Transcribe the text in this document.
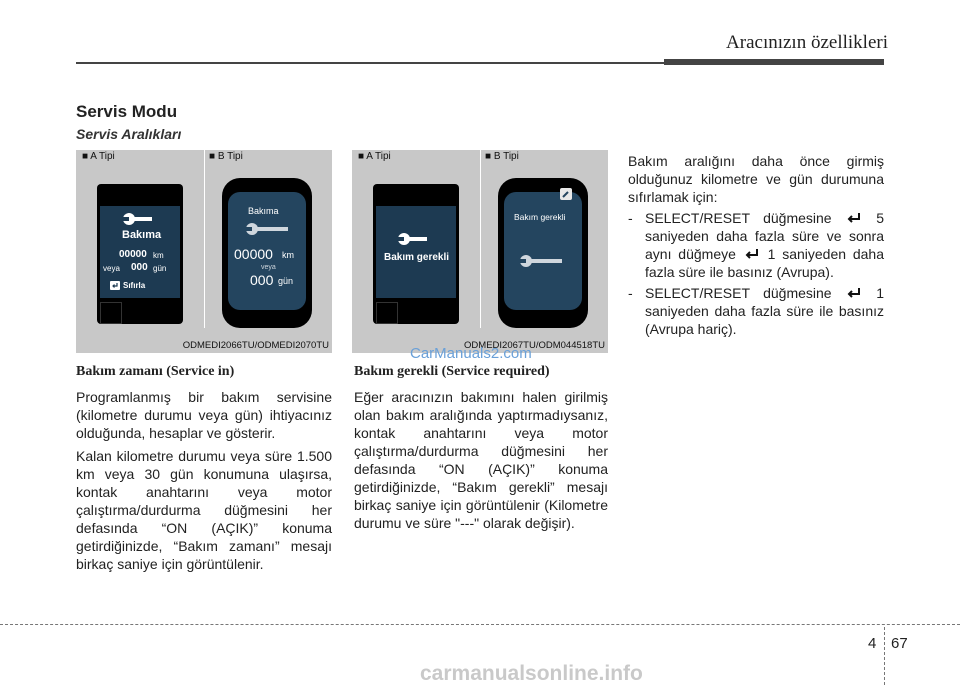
Aracınızın özellikleri
Servis Modu
Servis Aralıkları
■ A Tipi	■ B Tipi
Bakıma
00000 km
veya 000 gün
Sıfırla
Bakıma
00000 km
veya
000 gün
ODMEDI2066TU/ODMEDI2070TU
■ A Tipi	■ B Tipi
Bakım gerekli
Bakım gerekli
ODMEDI2067TU/ODM044518TU
CarManuals2.com
Bakım zamanı (Service in)

Programlanmış bir bakım servisine (kilometre durumu veya gün) ihtiyacınız olduğunda, hesaplar ve gösterir.

Kalan kilometre durumu veya süre 1.500 km veya 30 gün konumuna ulaşırsa, kontak anahtarını veya motor çalıştırma/durdurma düğmesini her defasında “ON (AÇIK)” konuma getirdiğinizde, “Bakım zamanı” mesajı birkaç saniye için görüntülenir.

Bakım gerekli (Service required)

Eğer aracınızın bakımını halen girilmiş olan bakım aralığında yaptırmadıysanız, kontak anahtarını veya motor çalıştırma/durdurma düğmesini her defasında “ON (AÇIK)” konuma getirdiğinizde, “Bakım gerekli” mesajı birkaç saniye için görüntülenir (Kilometre durumu ve süre "---" olarak değişir).

Bakım aralığını daha önce girmiş olduğunuz kilometre ve gün durumuna sıfırlamak için:

- SELECT/RESET düğmesine	5 saniyeden daha fazla süre ve sonra aynı düğmeye 1 saniyeden daha fazla süre ile basınız (Avrupa).
- SELECT/RESET düğmesine	1 saniyeden daha fazla süre ile basınız (Avrupa hariç).
4 67
carmanualsonline.info
